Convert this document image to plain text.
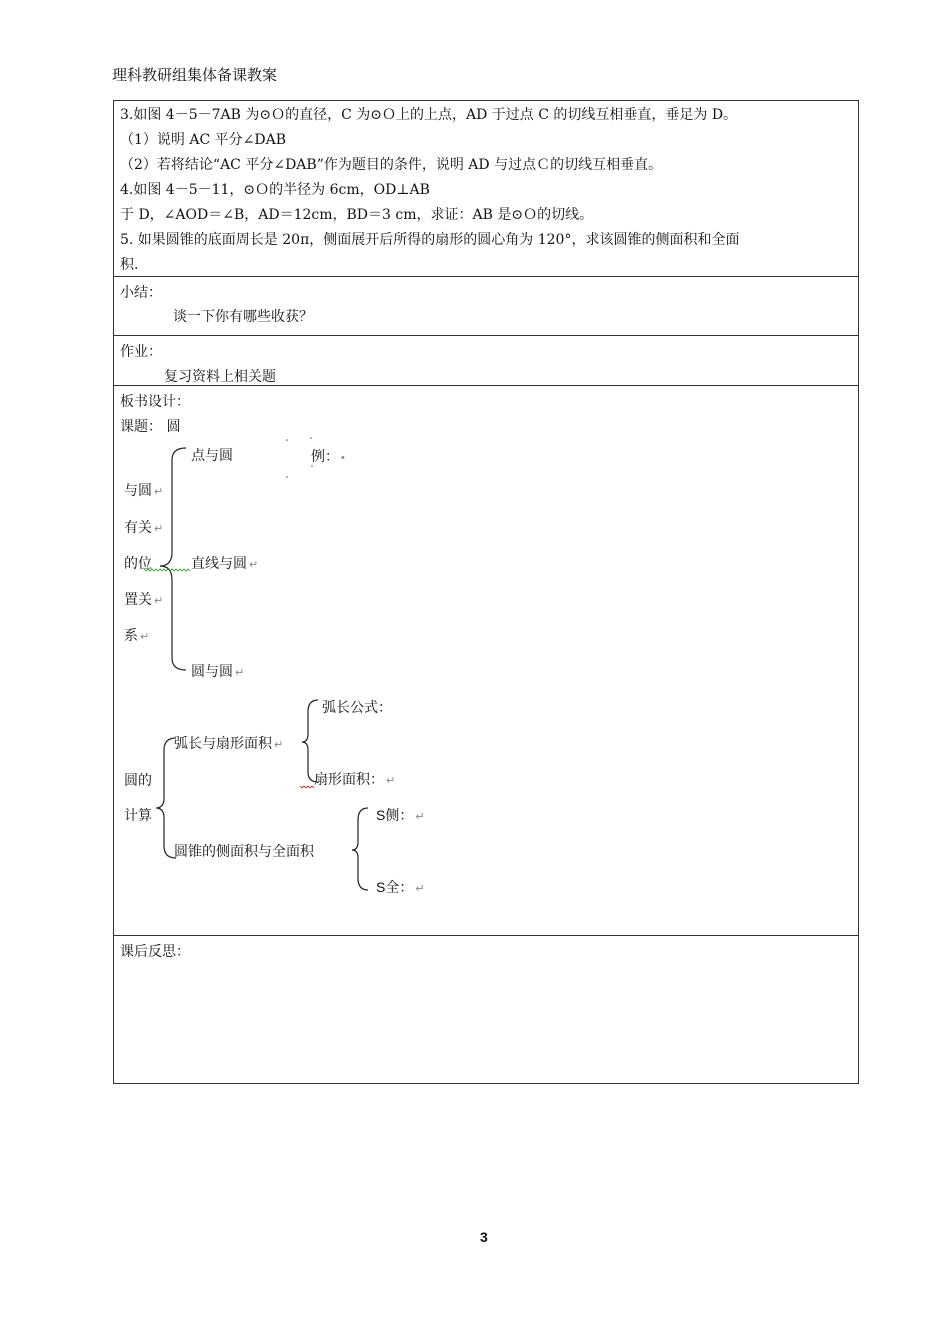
理科教研组集体备课教案
3.如图 4－5－7AB 为⊙Ｏ的直径，C 为⊙Ｏ上的上点，AD 于过点 C 的切线互相垂直，垂足为 D。
（1）说明 AC 平分∠DAB
（2）若将结论“AC 平分∠DAB”作为题目的条件，说明 AD 与过点Ｃ的切线互相垂直。
4.如图 4－5－11，⊙Ｏ的半径为 6cm，OD⊥AB
于 D，∠AOD＝∠B，AD＝12cm，BD＝3 cm，求证：AB 是⊙Ｏ的切线。
5. 如果圆锥的底面周长是 20π，侧面展开后所得的扇形的圆心角为 120°，求该圆锥的侧面积和全面
积.
小结：
谈一下你有哪些收获？
作业：
复习资料上相关题
板书设计：
课题： 圆
与圆 ↵
有关 ↵
的位
置关 ↵
系 ↵
点与圆	例： •
直线与圆 ↵
圆与圆 ↵
圆的
计算
弧长与扇形面积 ↵
弧长公式：
扇形面积： ↵
圆锥的侧面积与全面积
S侧： ↵
S全： ↵
课后反思：
3
